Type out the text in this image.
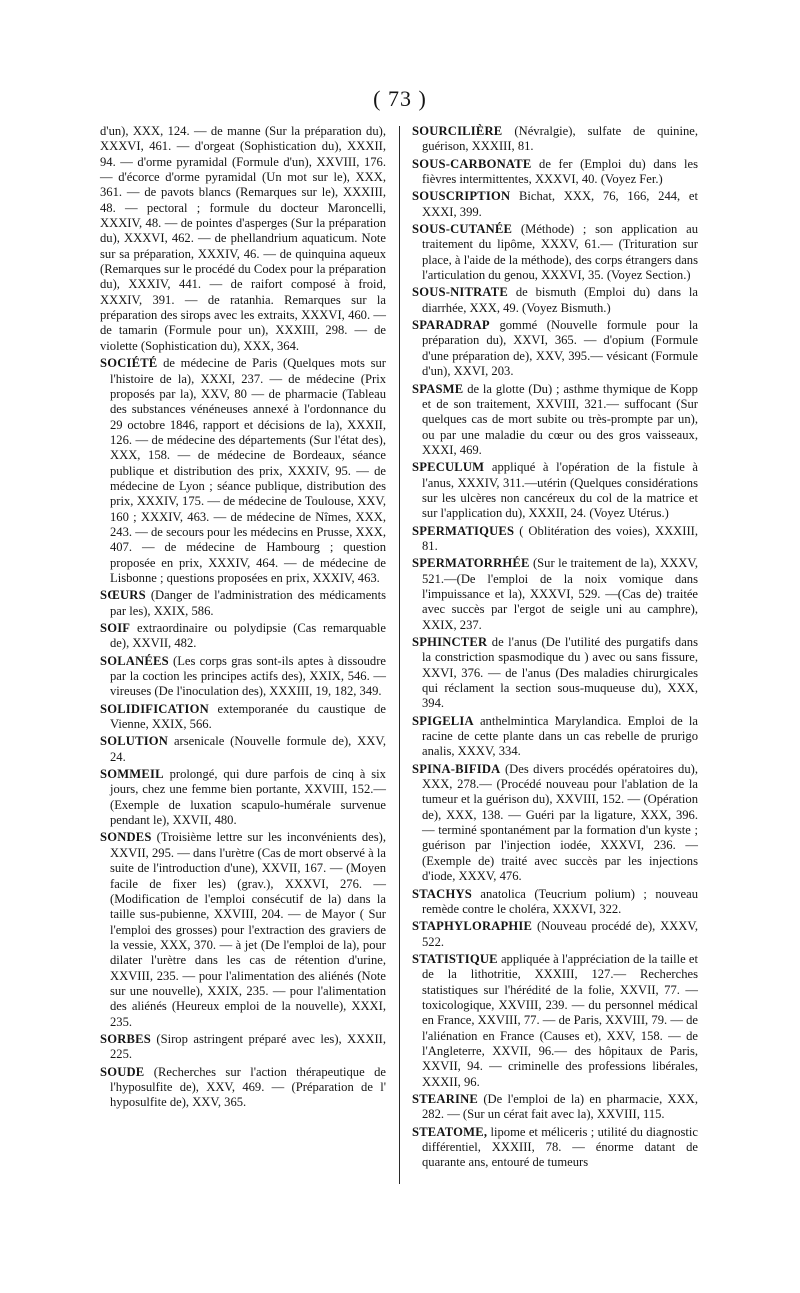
( 73 )

d'un), XXX, 124. — de manne (Sur la préparation du), XXXVI, 461. — d'orgeat (Sophistication du), XXXII, 94. — d'orme pyramidal (Formule d'un), XXVIII, 176. — d'écorce d'orme pyramidal (Un mot sur le), XXX, 361. — de pavots blancs (Remarques sur le), XXXIII, 48. — pectoral ; formule du docteur Maroncelli, XXXIV, 48. — de pointes d'asperges (Sur la préparation du), XXXVI, 462. — de phellandrium aquaticum. Note sur sa préparation, XXXIV, 46. — de quinquina aqueux (Remarques sur le procédé du Codex pour la préparation du), XXXIV, 441. — de raifort composé à froid, XXXIV, 391. — de ratanhia. Remarques sur la préparation des sirops avec les extraits, XXXVI, 460. — de tamarin (Formule pour un), XXXIII, 298. — de violette (Sophistication du), XXX, 364.

SOCIÉTÉ de médecine de Paris (Quelques mots sur l'histoire de la), XXXI, 237. — de médecine (Prix proposés par la), XXV, 80 — de pharmacie (Tableau des substances vénéneuses annexé à l'ordonnance du 29 octobre 1846, rapport et décisions de la), XXXII, 126. — de médecine des départements (Sur l'état des), XXX, 158. — de médecine de Bordeaux, séance publique et distribution des prix, XXXIV, 95. — de médecine de Lyon ; séance publique, distribution des prix, XXXIV, 175. — de médecine de Toulouse, XXV, 160 ; XXXIV, 463. — de médecine de Nîmes, XXX, 243. — de secours pour les médecins en Prusse, XXX, 407. — de médecine de Hambourg ; question proposée en prix, XXXIV, 464. — de médecine de Lisbonne ; questions proposées en prix, XXXIV, 463.

SŒURS (Danger de l'administration des médicaments par les), XXIX, 586.

SOIF extraordinaire ou polydipsie (Cas remarquable de), XXVII, 482.

SOLANÉES (Les corps gras sont-ils aptes à dissoudre par la coction les principes actifs des), XXIX, 546. — vireuses (De l'inoculation des), XXXIII, 19, 182, 349.

SOLIDIFICATION extemporanée du caustique de Vienne, XXIX, 566.

SOLUTION arsenicale (Nouvelle formule de), XXV, 24.

SOMMEIL prolongé, qui dure parfois de cinq à six jours, chez une femme bien portante, XXVIII, 152.—(Exemple de luxation scapulo-humérale survenue pendant le), XXVII, 480.

SONDES (Troisième lettre sur les inconvénients des), XXVII, 295. — dans l'urètre (Cas de mort observé à la suite de l'introduction d'une), XXVII, 167. — (Moyen facile de fixer les) (grav.), XXXVI, 276. — (Modification de l'emploi consécutif de la) dans la taille sus-pubienne, XXVIII, 204. — de Mayor ( Sur l'emploi des grosses) pour l'extraction des graviers de la vessie, XXX, 370. — à jet (De l'emploi de la), pour dilater l'urètre dans les cas de rétention d'urine, XXVIII, 235. — pour l'alimentation des aliénés (Note sur une nouvelle), XXIX, 235. — pour l'alimentation des aliénés (Heureux emploi de la nouvelle), XXXI, 235.

SORBES (Sirop astringent préparé avec les), XXXII, 225.

SOUDE (Recherches sur l'action thérapeutique de l'hyposulfite de), XXV, 469. — (Préparation de l' hyposulfite de), XXV, 365.

SOURCILIÈRE (Névralgie), sulfate de quinine, guérison, XXXIII, 81.

SOUS-CARBONATE de fer (Emploi du) dans les fièvres intermittentes, XXXVI, 40. (Voyez Fer.)

SOUSCRIPTION Bichat, XXX, 76, 166, 244, et XXXI, 399.

SOUS-CUTANÉE (Méthode) ; son application au traitement du lipôme, XXXV, 61.— (Trituration sur place, à l'aide de la méthode), des corps étrangers dans l'articulation du genou, XXXVI, 35. (Voyez Section.)

SOUS-NITRATE de bismuth (Emploi du) dans la diarrhée, XXX, 49. (Voyez Bismuth.)

SPARADRAP gommé (Nouvelle formule pour la préparation du), XXVI, 365. — d'opium (Formule d'une préparation de), XXV, 395.— vésicant (Formule d'un), XXVI, 203.

SPASME de la glotte (Du) ; asthme thymique de Kopp et de son traitement, XXVIII, 321.— suffocant (Sur quelques cas de mort subite ou très-prompte par un), ou par une maladie du cœur ou des gros vaisseaux, XXXI, 469.

SPECULUM appliqué à l'opération de la fistule à l'anus, XXXIV, 311.—utérin (Quelques considérations sur les ulcères non cancéreux du col de la matrice et sur l'application du), XXXII, 24. (Voyez Utérus.)

SPERMATIQUES ( Oblitération des voies), XXXIII, 81.

SPERMATORRHÉE (Sur le traitement de la), XXXV, 521.—(De l'emploi de la noix vomique dans l'impuissance et la), XXXVI, 529. —(Cas de) traitée avec succès par l'ergot de seigle uni au camphre), XXIX, 237.

SPHINCTER de l'anus (De l'utilité des purgatifs dans la constriction spasmodique du ) avec ou sans fissure, XXVI, 376. — de l'anus (Des maladies chirurgicales qui réclament la section sous-muqueuse du), XXX, 394.

SPIGELIA anthelmintica Marylandica. Emploi de la racine de cette plante dans un cas rebelle de prurigo analis, XXXV, 334.

SPINA-BIFIDA (Des divers procédés opératoires du), XXX, 278.— (Procédé nouveau pour l'ablation de la tumeur et la guérison du), XXVIII, 152. — (Opération de), XXX, 138. — Guéri par la ligature, XXX, 396. — terminé spontanément par la formation d'un kyste ; guérison par l'injection iodée, XXXVI, 236. — (Exemple de) traité avec succès par les injections d'iode, XXXV, 476.

STACHYS anatolica (Teucrium polium) ; nouveau remède contre le choléra, XXXVI, 322.

STAPHYLORAPHIE (Nouveau procédé de), XXXV, 522.

STATISTIQUE appliquée à l'appréciation de la taille et de la lithotritie, XXXIII, 127.— Recherches statistiques sur l'hérédité de la folie, XXVII, 77. — toxicologique, XXVIII, 239. — du personnel médical en France, XXVIII, 77. — de Paris, XXVIII, 79. — de l'aliénation en France (Causes et), XXV, 158. — de l'Angleterre, XXVII, 96.— des hôpitaux de Paris, XXVII, 94. — criminelle des professions libérales, XXXII, 96.

STEARINE (De l'emploi de la) en pharmacie, XXX, 282. — (Sur un cérat fait avec la), XXVIII, 115.

STEATOME, lipome et méliceris ; utilité du diagnostic différentiel, XXXIII, 78. — énorme datant de quarante ans, entouré de tumeurs
